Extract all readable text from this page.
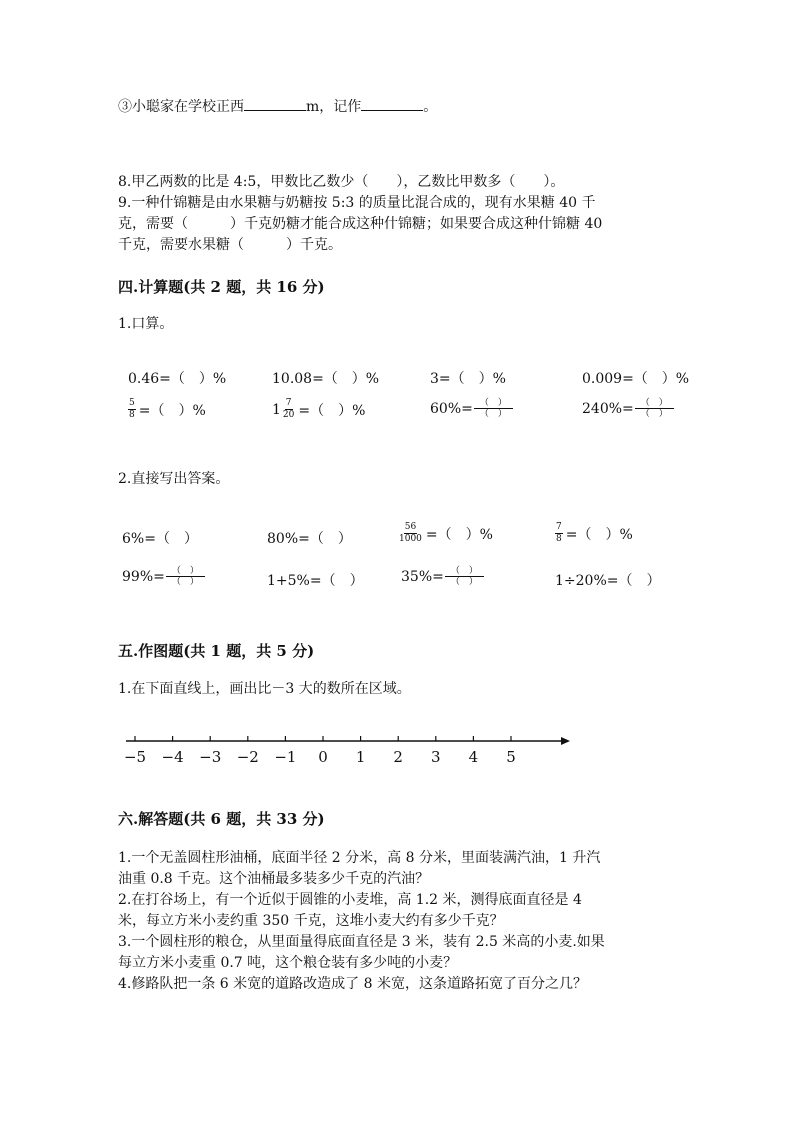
③小聪家在学校正西	m，记作	。
8.甲乙两数的比是 4:5，甲数比乙数少（　　），乙数比甲数多（　　）。
9.一种什锦糖是由水果糖与奶糖按 5:3 的质量比混合成的，现有水果糖 40 千
克，需要（　　　）千克奶糖才能合成这种什锦糖；如果要合成这种什锦糖 40
千克，需要水果糖（　　　）千克。
四.计算题(共 2 题，共 16 分)
1.口算。
0.46=（　）%	10.08=（　）%	3=（　）%	0.009=（　）%
$\frac{5}{8}$ =（　）%	$1 \frac{7}{20}$ =（　）%	$60\%= \frac{( )}{( )}$	$240\%= \frac{( )}{( )}$
2.直接写出答案。
6%=（　）	80%=（　）	$\frac{56}{1000}$ =（　）%	$\frac{7}{8}$ =（　）%
$99\%= \frac{( )}{( )}$	1+5%=（　）	$35\%= \frac{( )}{( )}$	1÷20%=（　）
五.作图题(共 1 题，共 5 分)
1.在下面直线上，画出比－3 大的数所在区域。
−5 −4 −3 −2 −1 0 1 2 3 4 5
六.解答题(共 6 题，共 33 分)
1.一个无盖圆柱形油桶，底面半径 2 分米，高 8 分米，里面装满汽油，1 升汽
油重 0.8 千克。这个油桶最多装多少千克的汽油？
2.在打谷场上，有一个近似于圆锥的小麦堆，高 1.2 米，测得底面直径是 4
米，每立方米小麦约重 350 千克，这堆小麦大约有多少千克？
3.一个圆柱形的粮仓，从里面量得底面直径是 3 米，装有 2.5 米高的小麦.如果
每立方米小麦重 0.7 吨，这个粮仓装有多少吨的小麦？
4.修路队把一条 6 米宽的道路改造成了 8 米宽，这条道路拓宽了百分之几？
